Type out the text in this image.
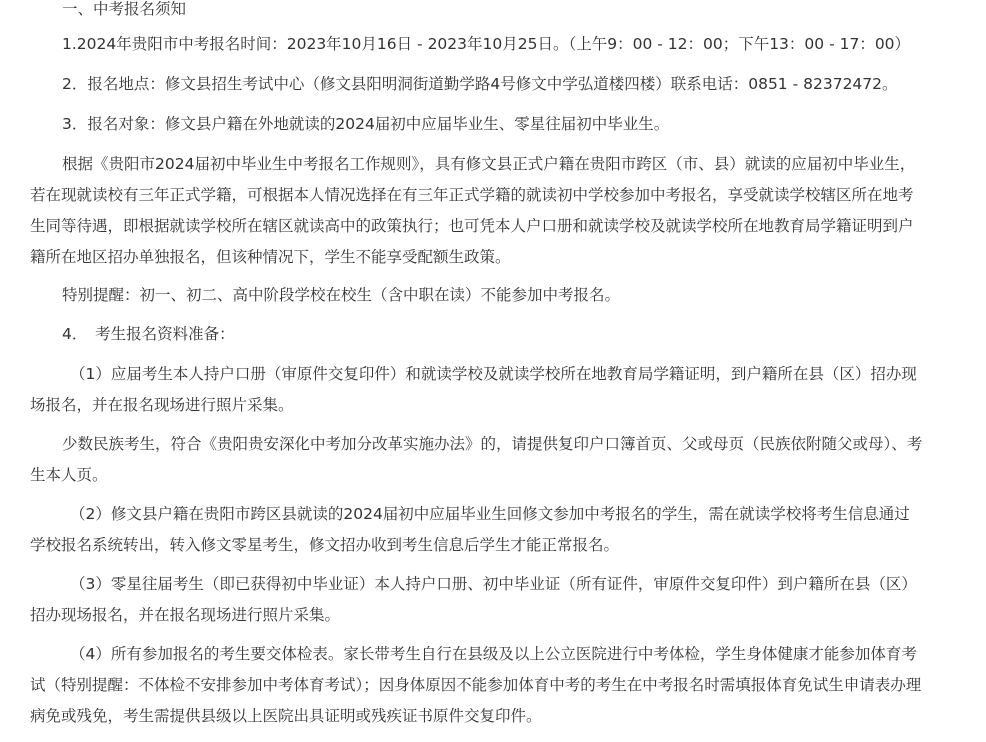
一、中考报名须知

1.2024年贵阳市中考报名时间：2023年10月16日 - 2023年10月25日。（上午9：00 - 12：00；下午13：00 - 17：00）

2．报名地点：修文县招生考试中心（修文县阳明洞街道勤学路4号修文中学弘道楼四楼）联系电话：0851 - 82372472。

3．报名对象：修文县户籍在外地就读的2024届初中应届毕业生、零星往届初中毕业生。

根据《贵阳市2024届初中毕业生中考报名工作规则》，具有修文县正式户籍在贵阳市跨区（市、县）就读的应届初中毕业生，若在现就读校有三年正式学籍，可根据本人情况选择在有三年正式学籍的就读初中学校参加中考报名，享受就读学校辖区所在地考生同等待遇，即根据就读学校所在辖区就读高中的政策执行；也可凭本人户口册和就读学校及就读学校所在地教育局学籍证明到户籍所在地区招办单独报名，但该种情况下，学生不能享受配额生政策。

特别提醒：初一、初二、高中阶段学校在校生（含中职在读）不能参加中考报名。

4．　考生报名资料准备：

（1）应届考生本人持户口册（审原件交复印件）和就读学校及就读学校所在地教育局学籍证明，到户籍所在县（区）招办现场报名，并在报名现场进行照片采集。

少数民族考生，符合《贵阳贵安深化中考加分改革实施办法》的，请提供复印户口簿首页、父或母页（民族依附随父或母）、考生本人页。

（2）修文县户籍在贵阳市跨区县就读的2024届初中应届毕业生回修文参加中考报名的学生，需在就读学校将考生信息通过学校报名系统转出，转入修文零星考生，修文招办收到考生信息后学生才能正常报名。

（3）零星往届考生（即已获得初中毕业证）本人持户口册、初中毕业证（所有证件，审原件交复印件）到户籍所在县（区）招办现场报名，并在报名现场进行照片采集。

（4）所有参加报名的考生要交体检表。家长带考生自行在县级及以上公立医院进行中考体检，学生身体健康才能参加体育考试（特别提醒：不体检不安排参加中考体育考试）；因身体原因不能参加体育中考的考生在中考报名时需填报体育免试生申请表办理病免或残免，考生需提供县级以上医院出具证明或残疾证书原件交复印件。
